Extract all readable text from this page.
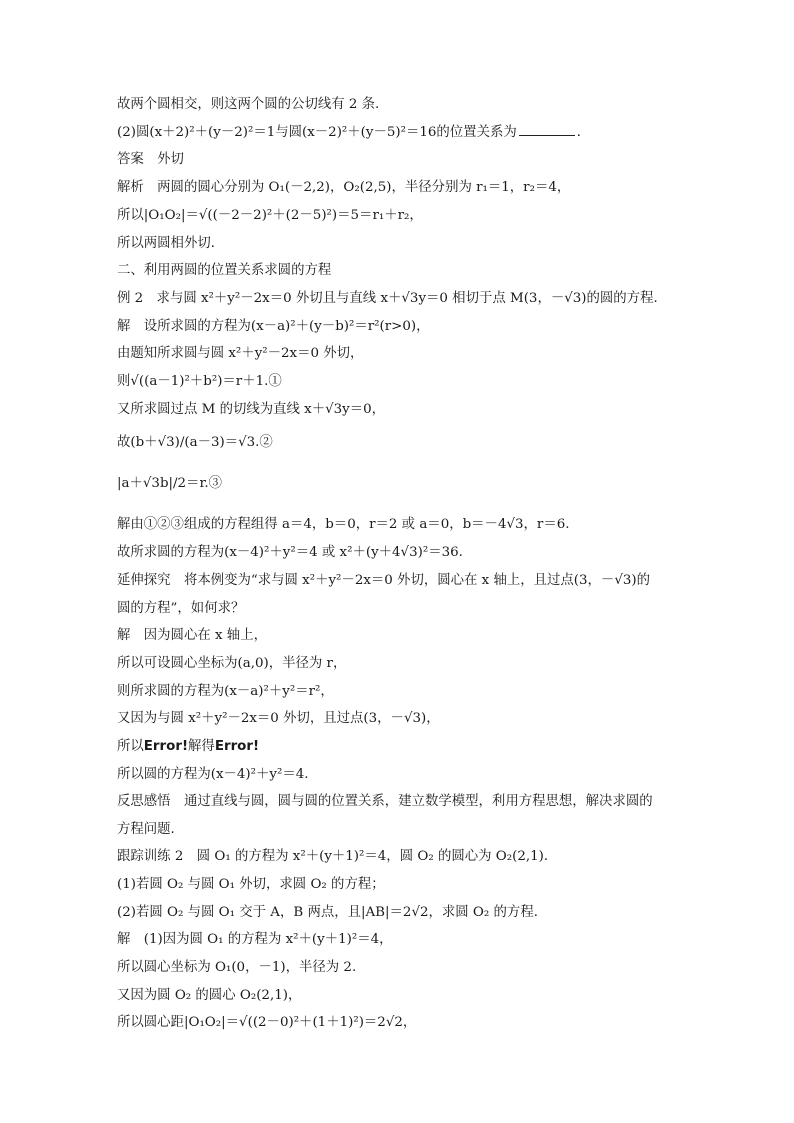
故两个圆相交，则这两个圆的公切线有 2 条.
(2)圆(x＋2)²＋(y－2)²＝1与圆(x－2)²＋(y－5)²＝16的位置关系为	．
答案　外切
解析　两圆的圆心分别为 O₁(－2,2)，O₂(2,5)，半径分别为 r₁＝1，r₂＝4，
所以|O₁O₂|＝√((－2－2)²＋(2－5)²)＝5＝r₁＋r₂，
所以两圆相外切．
二、利用两圆的位置关系求圆的方程
例 2　求与圆 x²＋y²－2x＝0 外切且与直线 x＋√3y＝0 相切于点 M(3，－√3)的圆的方程．
解　设所求圆的方程为(x－a)²＋(y－b)²＝r²(r>0)，
由题知所求圆与圆 x²＋y²－2x＝0 外切，
则√((a－1)²＋b²)＝r＋1.①
又所求圆过点 M 的切线为直线 x＋√3y＝0，
故(b＋√3)/(a－3)＝√3.②
|a＋√3b|/2＝r.③
解由①②③组成的方程组得 a＝4，b＝0，r＝2 或 a＝0，b＝－4√3，r＝6.
故所求圆的方程为(x－4)²＋y²＝4 或 x²＋(y＋4√3)²＝36.
延伸探究　将本例变为“求与圆 x²＋y²－2x＝0 外切，圆心在 x 轴上，且过点(3，－√3)的
圆的方程”，如何求？
解　因为圆心在 x 轴上，
所以可设圆心坐标为(a,0)，半径为 r，
则所求圆的方程为(x－a)²＋y²＝r²，
又因为与圆 x²＋y²－2x＝0 外切，且过点(3，－√3)，
所以Error!解得Error!
所以圆的方程为(x－4)²＋y²＝4.
反思感悟　通过直线与圆，圆与圆的位置关系，建立数学模型，利用方程思想，解决求圆的
方程问题．
跟踪训练 2　圆 O₁ 的方程为 x²＋(y＋1)²＝4，圆 O₂ 的圆心为 O₂(2,1)．
(1)若圆 O₂ 与圆 O₁ 外切，求圆 O₂ 的方程；
(2)若圆 O₂ 与圆 O₁ 交于 A，B 两点，且|AB|＝2√2，求圆 O₂ 的方程．
解　(1)因为圆 O₁ 的方程为 x²＋(y＋1)²＝4，
所以圆心坐标为 O₁(0，－1)，半径为 2.
又因为圆 O₂ 的圆心 O₂(2,1)，
所以圆心距|O₁O₂|＝√((2－0)²＋(1＋1)²)＝2√2，
